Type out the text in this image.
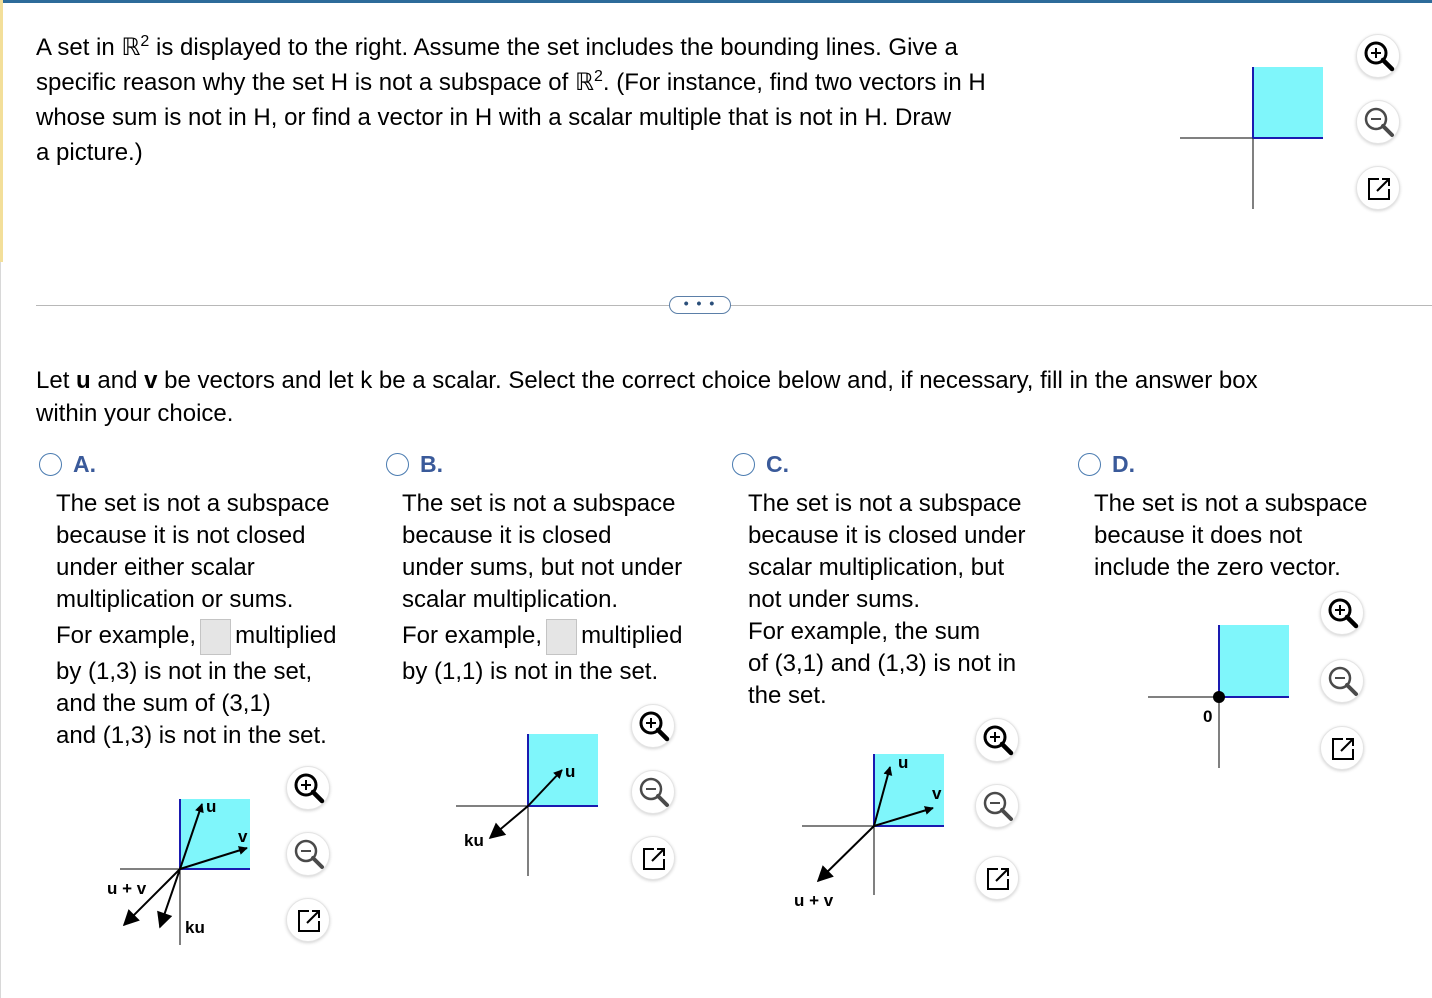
A set in ℝ$^2$ is displayed to the right. Assume the set includes the bounding lines. Give a
specific reason why the set H is not a subspace of ℝ$^2$. (For instance, find two vectors in H
whose sum is not in H, or find a vector in H with a scalar multiple that is not in H. Draw
a picture.)
• • •
Let u and v be vectors and let k be a scalar. Select the correct choice below and, if necessary, fill in the answer box
within your choice.
A.
The set is not a subspace
because it is not closed
under either scalar
multiplication or sums.
For example, multiplied
by (1,3) is not in the set,
and the sum of (3,1)
and (1,3) is not in the set.
u
v
u + v
ku
B.
The set is not a subspace
because it is closed
under sums, but not under
scalar multiplication.
For example, multiplied
by (1,1) is not in the set.
u
ku
C.
The set is not a subspace
because it is closed under
scalar multiplication, but
not under sums.
For example, the sum
of (3,1) and (1,3) is not in
the set.
u
v
u + v
D.
The set is not a subspace
because it does not
include the zero vector.
0
